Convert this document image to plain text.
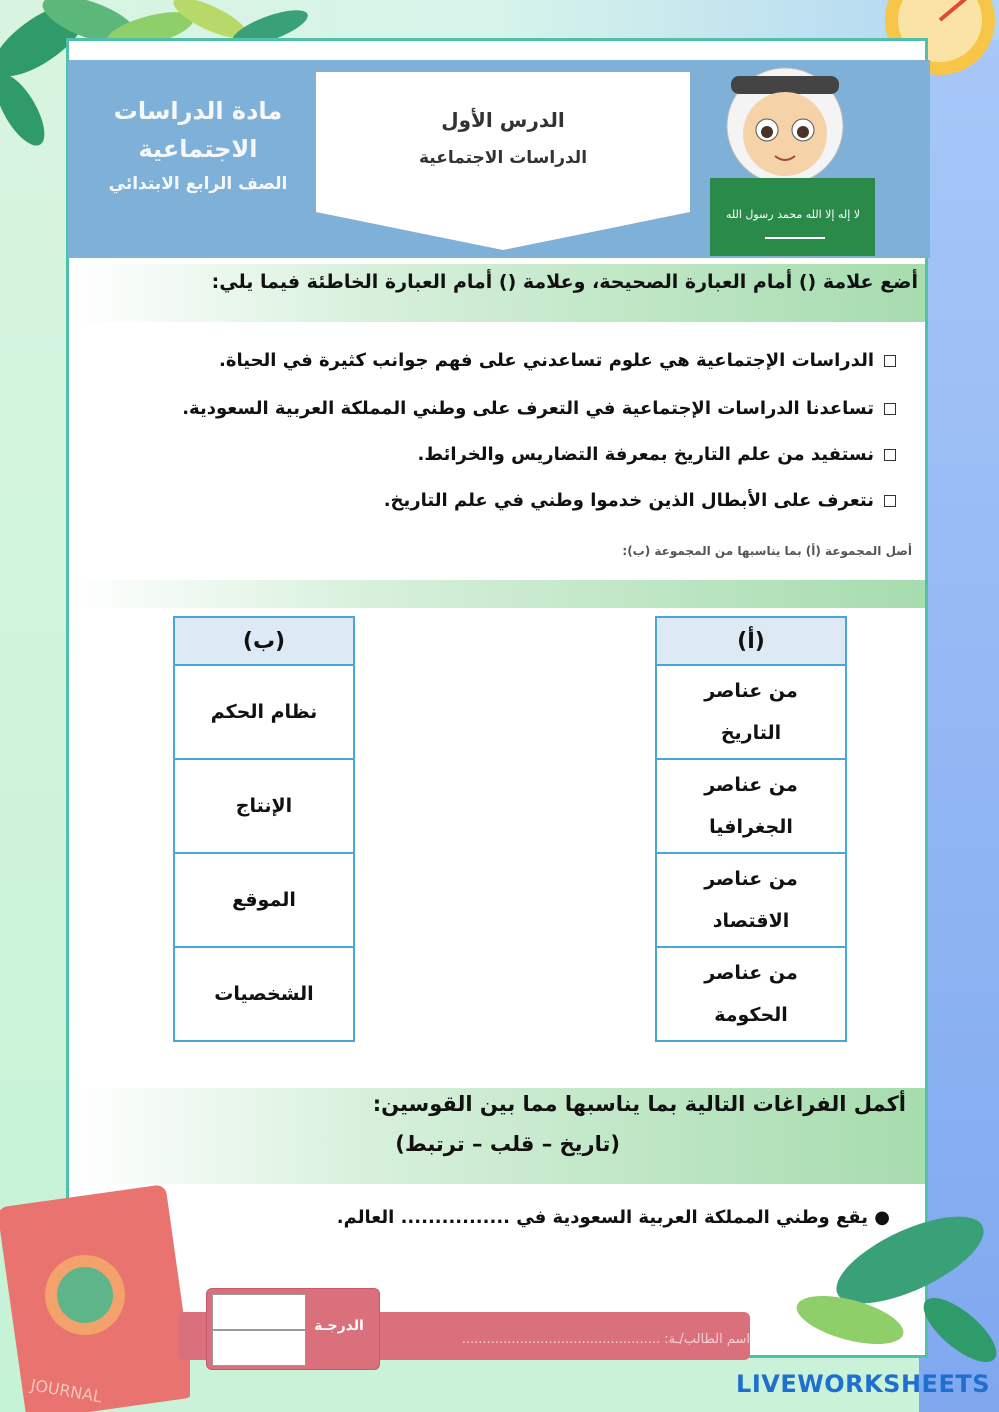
مادة الدراسات
الاجتماعية
الصف الرابع الابتدائي
الدرس الأول
الدراسات الاجتماعية
لا إله إلا الله محمد رسول الله
أضع علامة () أمام العبارة الصحيحة، وعلامة () أمام العبارة الخاطئة فيما يلي:
الدراسات الإجتماعية هي علوم تساعدني على فهم جوانب كثيرة في الحياة.
تساعدنا الدراسات الإجتماعية في التعرف على وطني المملكة العربية السعودية.
نستفيد من علم التاريخ بمعرفة التضاريس والخرائط.
نتعرف على الأبطال الذين خدموا وطني في علم التاريخ.
أصل المجموعة (أ) بما يناسبها من المجموعة (ب):
(أ)
من عناصر
التاريخ
من عناصر
الجغرافيا
من عناصر
الاقتصاد
من عناصر
الحكومة
(ب)
نظام الحكم
الإنتاج
الموقع
الشخصيات
أكمل الفراغات التالية بما يناسبها مما بين القوسين:
(تاريخ – قلب – ترتبط)
● يقع وطني المملكة العربية السعودية في ................ العالم.
JOURNAL
الدرجـة
اسم الطالب/ـة: ................................................
LIVEWORKSHEETS
